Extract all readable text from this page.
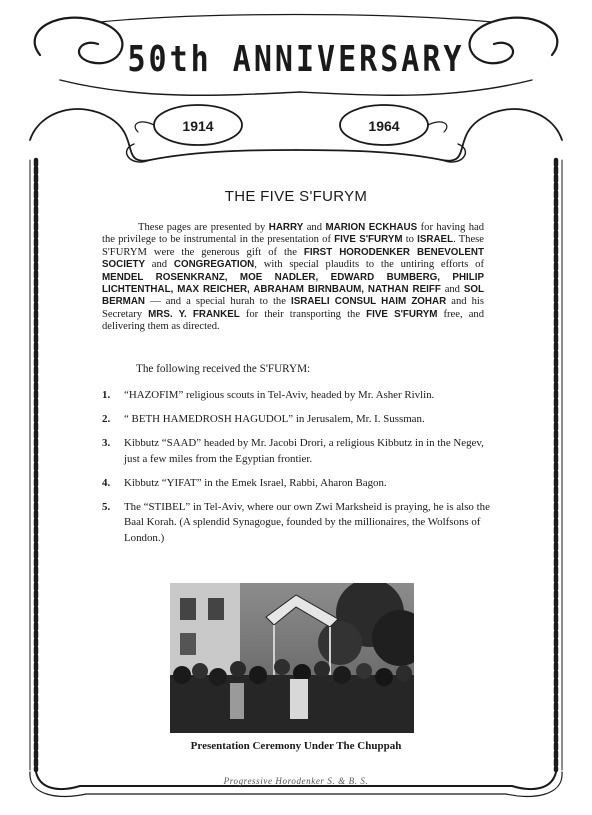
50th ANNIVERSARY
1914	1964
THE FIVE S'FURYM

These pages are presented by HARRY and MARION ECKHAUS for having had the privilege to be instrumental in the presentation of FIVE S'FURYM to ISRAEL. These S'FURYM were the generous gift of the FIRST HORODENKER BENEVOLENT SOCIETY and CONGREGATION, with special plaudits to the untiring efforts of MENDEL ROSENKRANZ, MOE NADLER, EDWARD BUMBERG, PHILIP LICHTENTHAL, MAX REICHER, ABRAHAM BIRNBAUM, NATHAN REIFF and SOL BERMAN — and a special hurah to the ISRAELI CONSUL HAIM ZOHAR and his Secretary MRS. Y. FRANKEL for their transporting the FIVE S'FURYM free, and delivering them as directed.

The following received the S'FURYM:
1. “HAZOFIM” religious scouts in Tel-Aviv, headed by Mr. Asher Rivlin.
2. “ BETH HAMEDROSH HAGUDOL” in Jerusalem, Mr. I. Sussman.
3. Kibbutz “SAAD” headed by Mr. Jacobi Drori, a religious Kibbutz in in the Negev, just a few miles from the Egyptian frontier.
4. Kibbutz “YIFAT” in the Emek Israel, Rabbi, Aharon Bagon.
5. The “STIBEL” in Tel-Aviv, where our own Zwi Marksheid is praying, he is also the Baal Korah. (A splendid Synagogue, founded by the millionaires, the Wolfsons of London.)
Presentation Ceremony Under The Chuppah
Progressive Horodenker S. & B. S.
